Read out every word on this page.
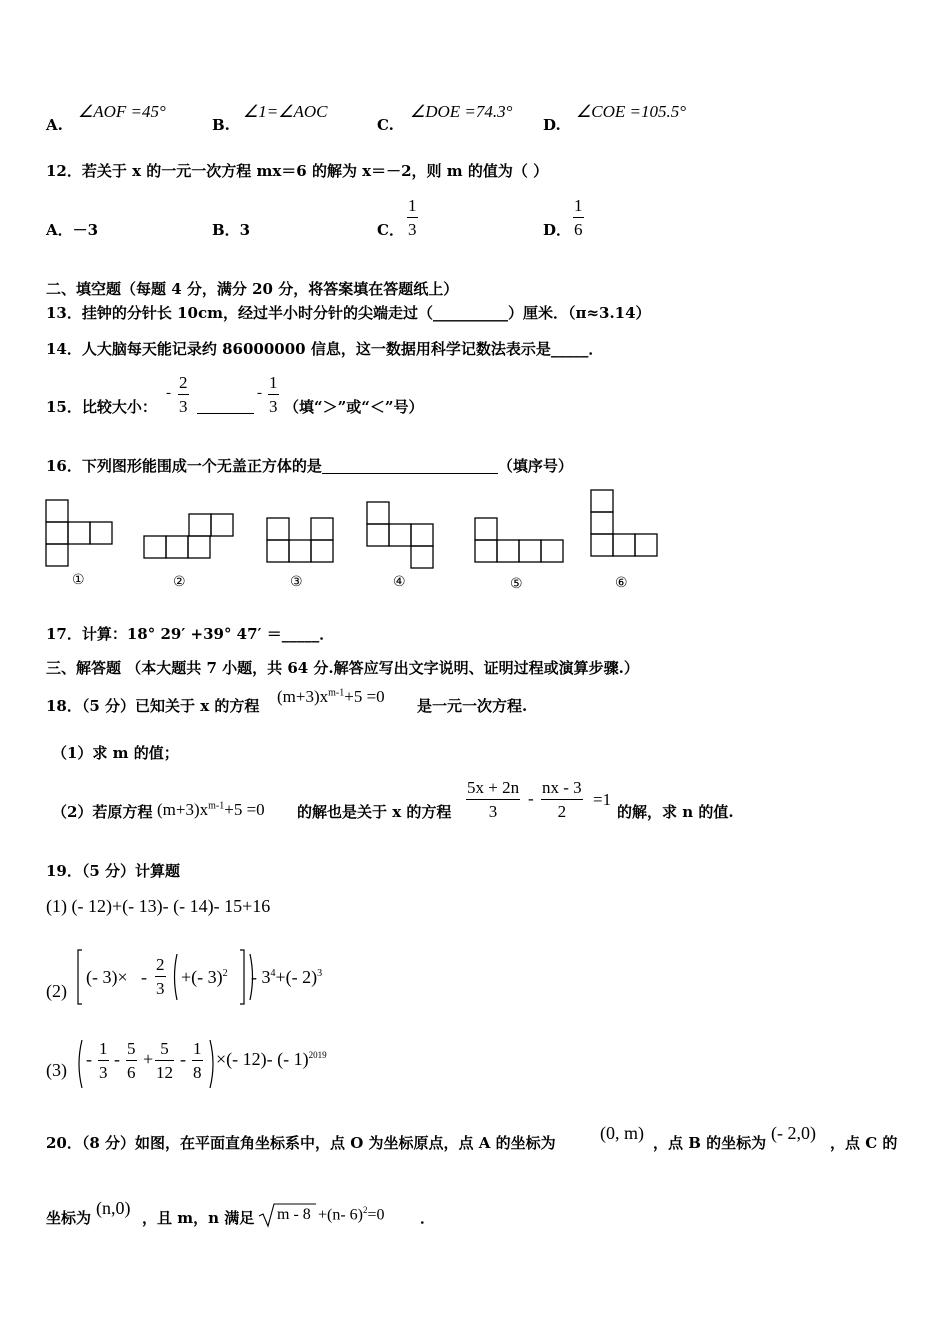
A.
∠AOF =45°
B.
∠1=∠AOC
C.
∠DOE =74.3°
D.
∠COE =105.5°
12．若关于 x 的一元一次方程 mx＝6 的解为 x＝－2，则 m 的值为（ ）
A．－3	B．3	C．
1
3	D．
1
6
二、填空题（每题 4 分，满分 20 分，将答案填在答题纸上）
13．挂钟的分针长 10cm，经过半小时分针的尖端走过（__________）厘米．（π≈3.14）
14．人大脑每天能记录约 86000000 信息，这一数据用科学记数法表示是_____．
15．比较大小：
-
2
3
-
1
3 （填“＞”或“＜”号）
16．下列图形能围成一个无盖正方体的是	（填序号）
①	②	③	④	⑤	⑥
17．计算：18° 29′ +39° 47′ ＝_____．
三、解答题 （本大题共 7 小题，共 64 分.解答应写出文字说明、证明过程或演算步骤.）
18．（5 分）已知关于 x 的方程 $(m+3)x^{m-1}+5 =0$ 是一元一次方程.
（1）求 m 的值；
（2）若原方程 $(m+3)x^{m-1}+5 =0$ 的解也是关于 x 的方程
5x + 2n
3
-
nx - 3
2
=1
的解，求 n 的值.
19．（5 分）计算题
(1) (- 12)+(- 13)- (- 14)- 15+16
(2)
(- 3)× -
2
3
+(- $3)^2 - 3^4+(-$ 2)$^3$
(3)
-
1
3
-
5
6
+
5
12
-
1
8
×(- 12)- (- 1)$^{2019}$
20．（8 分）如图，在平面直角坐标系中，点 O 为坐标原点，点 A 的坐标为 (0, m) ，点 B 的坐标为 (- 2,0) ，点 C 的
坐标为 (n,0) ，且 m，n 满足 m - 8 +(n- 6)$^2$=0 ．
